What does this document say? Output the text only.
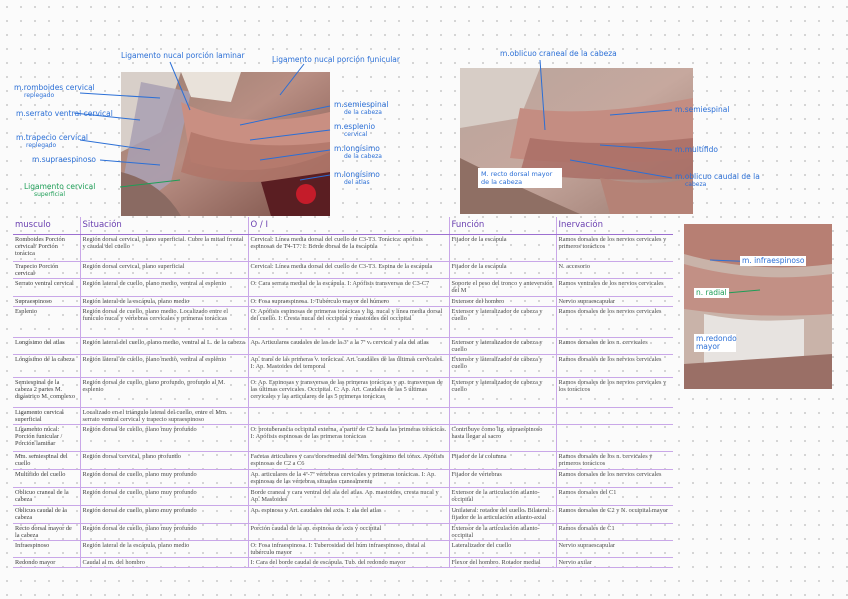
Ligamento nucal porción laminar	Ligamento nucal porción funicular
m.romboides cervical
replegado
m.serrato ventral cervical
m.trapecio cervical
replegado
m.supraespinoso
Ligamento cervical
superficial
m.semiespinal
de la cabeza
m.esplenio
cervical
m.longísimo
de la cabeza
m.longísimo
del atlas
m.oblicuo craneal de la cabeza
m.semiespinal
m.multífido
m.oblicuo caudal de la
cabeza
M. recto dorsal mayor de la cabeza
m. infraespinoso
n. radial
m.redondo mayor
musculo	Situación	O / I	Función	Inervación
Romboides Porción cervical/ Porción torácica	Región dorsal cervical, plano superficial. Cubre la mitad frontal y caudal del cuello	Cervical: Línea media dorsal del cuello de C3-T3. Torácica: apófisis espinosas de T4-T7. I: Borde dorsal de la escápula	Fijador de la escápula	Ramos dorsales de los nervios cervicales y primeros torácicos
Trapecio Porción cervical	Región dorsal cervical, plano superficial	Cervical: Línea media dorsal del cuello de C3-T3. Espina de la escápula	Fijador de la escápula	N. accesorio
Serrato ventral cervical	Región lateral de cuello, plano medio, ventral al esplenio	O: Cara serrata medial de la escápula. I: Apófisis transversas de C3-C7	Soporte el peso del tronco y anteversión del M	Ramos ventrales de los nervios cervicales
Supraespinoso	Región lateral de la escápula, plano medio	O: Fosa supraespinosa. I: Tubérculo mayor del húmero	Extensor del hombro	Nervio supraescapular
Esplenio	Región dorsal de cuello, plano medio. Localizado entre el funículo nucal y vértebras cervicales y primeras torácicas	O: Apófisis espinosas de primeras torácicas y lig. nucal y línea media dorsal del cuello. I: Cresta nucal del occipital y mastoides del occipital	Extensor y lateralizador de cabeza y cuello	Ramos dorsales de los nervios cervicales
Longísimo del atlas	Región lateral del cuello, plano medio, ventral al L. de la cabeza	Ap. Articulares caudales de las de la 3ª a la 7ª v. cervical y ala del atlas	Extensor y lateralizador de cabeza y cuello	Ramos dorsales de los n. cervicales
Longísimo de la cabeza	Región lateral de cuello, plano medio, ventral al esplenio	Ap. trans de las primeras v. torácicas. Art. caudales de las últimas cervicales. I: Ap. Mastoides del temporal	Extensor y lateralizador de cabeza y cuello	Ramos dorsales de los nervios cervicales
Semiespinal de la cabeza 2 partes M. digástrico M. complexo	Región dorsal de cuello, plano profundo, profundo al M. esplenio	O: Ap. Espinosas y transversas de las primeras torácicas y ap. transversas de las últimas cervicales. Occipital. C: Ap. Art. Caudales de las 5 últimas cervicales y las articulares de las 5 primeras torácicas	Extensor y lateralizador de cabeza y cuello	Ramos dorsales de los nervios cervicales y los torácicos
Ligamento cervical superficial	Localizado en el triángulo lateral del cuello, entre el Mm. serrato ventral cervical y trapecio supraespinoso			
Ligamento nucal: Porción funicular / Porción laminar	Región dorsal de cuello, plano muy profundo	O: protuberancia occipital externa, a partir de C2 hasta las primeras torácicas. I: Apófisis espinosas de las primeras torácicas	Contribuye como lig. supraespinoso hasta llegar al sacro	
Mm. semiespinal del cuello	Región dorsal cervical, plano profundo	Facetas articulares y cara dorsomedial del Mm. longísimo del tórax. Apófisis espinosas de C2 a C6	Fijador de la columna	Ramos dorsales de los n. cervicales y primeros torácicos
Multífido del cuello	Región dorsal de cuello, plano muy profundo	Ap. articulares de la 4ª-7ª vértebras cervicales y primeras torácicas. I: Ap. espinosas de las vértebras situadas cranealmente	Fijador de vértebras	Ramos dorsales de los nervios cervicales
Oblicuo craneal de la cabeza	Región dorsal de cuello, plano muy profundo	Borde craneal y cara ventral del ala del atlas. Ap. mastoides, cresta nucal y Ap. Mastoides	Extensor de la articulación atlanto-occipital	Ramos dorsales del C1
Oblicuo caudal de la cabeza	Región dorsal de cuello, plano muy profundo	Ap. espinosa y Art. caudales del axis. I: ala del atlas	Unilateral: rotador del cuello. Bilateral: fijador de la articulación atlanto-axial	Ramos dorsales de C2 y N. occipital mayor
Recto dorsal mayor de la cabeza	Región dorsal de cuello, plano muy profundo	Porción caudal de la ap. espinosa de axis y occipital	Extensor de la articulación atlanto-occipital	Ramos dorsales de C1
Infraespinoso	Región lateral de la escápula, plano medio	O: Fosa infraespinosa. I: Tuberosidad del húm infraespinoso, distal al tubérculo mayor	Lateralizador del cuello	Nervio supraescapular
Redondo mayor	Caudal al m. del hombro	I: Cara del borde caudal de escápula. Tub. del redondo mayor	Flexor del hombro. Rotador medial	Nervio axilar
